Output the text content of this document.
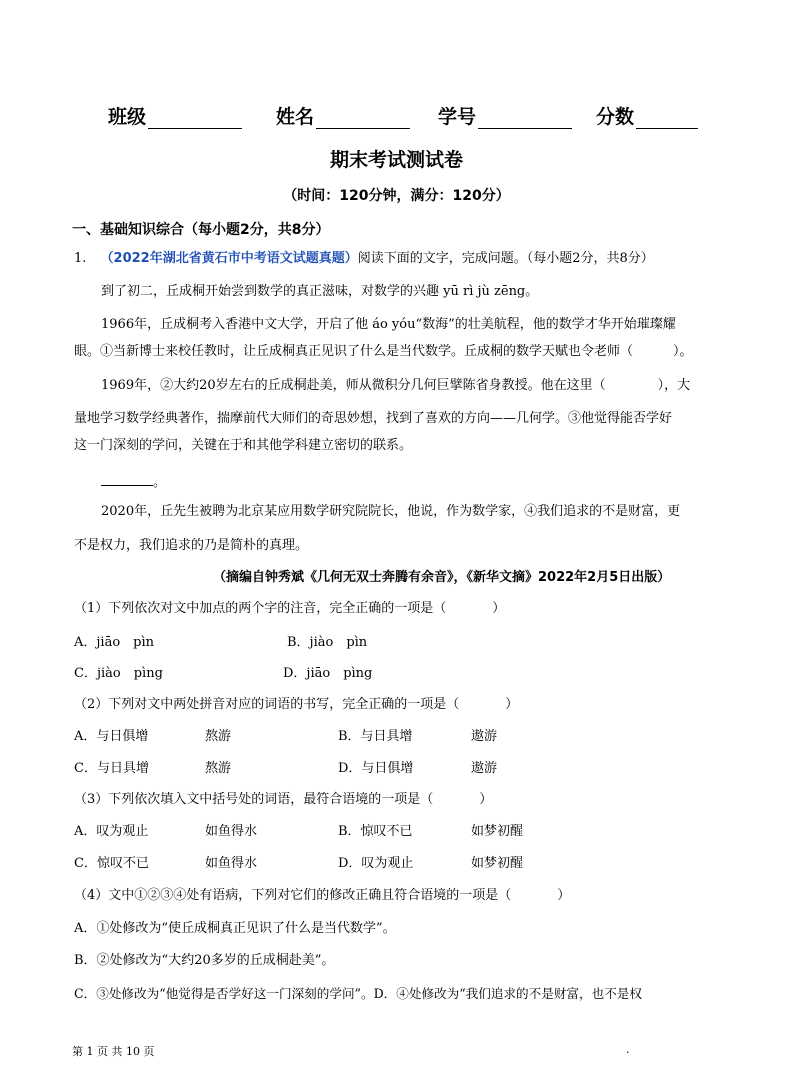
班级	姓名	学号	分数
期末考试测试卷
（时间：120分钟，满分：120分）
一、基础知识综合（每小题2分，共8分）
1. （2022年湖北省黄石市中考语文试题真题）阅读下面的文字，完成问题。（每小题2分，共8分）
到了初二，丘成桐开始尝到数学的真正滋味，对数学的兴趣 yū rì jù zēng。
1966年，丘成桐考入香港中文大学，开启了他 áo yóu“数海”的壮美航程，他的数学才华开始璀璨耀
眼。①当新博士来校任教时，让丘成桐真正见识了什么是当代数学。丘成桐的数学天赋也令老师（	）。
1969年，②大约20岁左右的丘成桐赴美，师从微积分几何巨擘陈省身教授。他在这里（	），大
量地学习数学经典著作，揣摩前代大师们的奇思妙想，找到了喜欢的方向——几何学。③他觉得能否学好
这一门深刻的学问，关键在于和其他学科建立密切的联系。
。
2020年，丘先生被聘为北京某应用数学研究院院长，他说，作为数学家，④我们追求的不是财富，更
不是权力，我们追求的乃是简朴的真理。
（摘编自钟秀斌《几何无双士奔腾有余音》，《新华文摘》2022年2月5日出版）
（1）下列依次对文中加点的两个字的注音，完全正确的一项是（	）
A．jiāo　pìn	B．jiào　pìn
C．jiào　pìng	D．jiāo　pìng
（2）下列对文中两处拼音对应的词语的书写，完全正确的一项是（	）
A．与日俱增	熬游	B．与日具增	遨游
C．与日具增	熬游	D．与日俱增	遨游
（3）下列依次填入文中括号处的词语，最符合语境的一项是（	）
A．叹为观止	如鱼得水	B．惊叹不已	如梦初醒
C．惊叹不已	如鱼得水	D．叹为观止	如梦初醒
（4）文中①②③④处有语病，下列对它们的修改正确且符合语境的一项是（	）
A．①处修改为“使丘成桐真正见识了什么是当代数学”。
B．②处修改为“大约20多岁的丘成桐赴美”。
C．③处修改为“他觉得是否学好这一门深刻的学问”。D．④处修改为“我们追求的不是财富，也不是权
第 1 页 共 10 页	.
